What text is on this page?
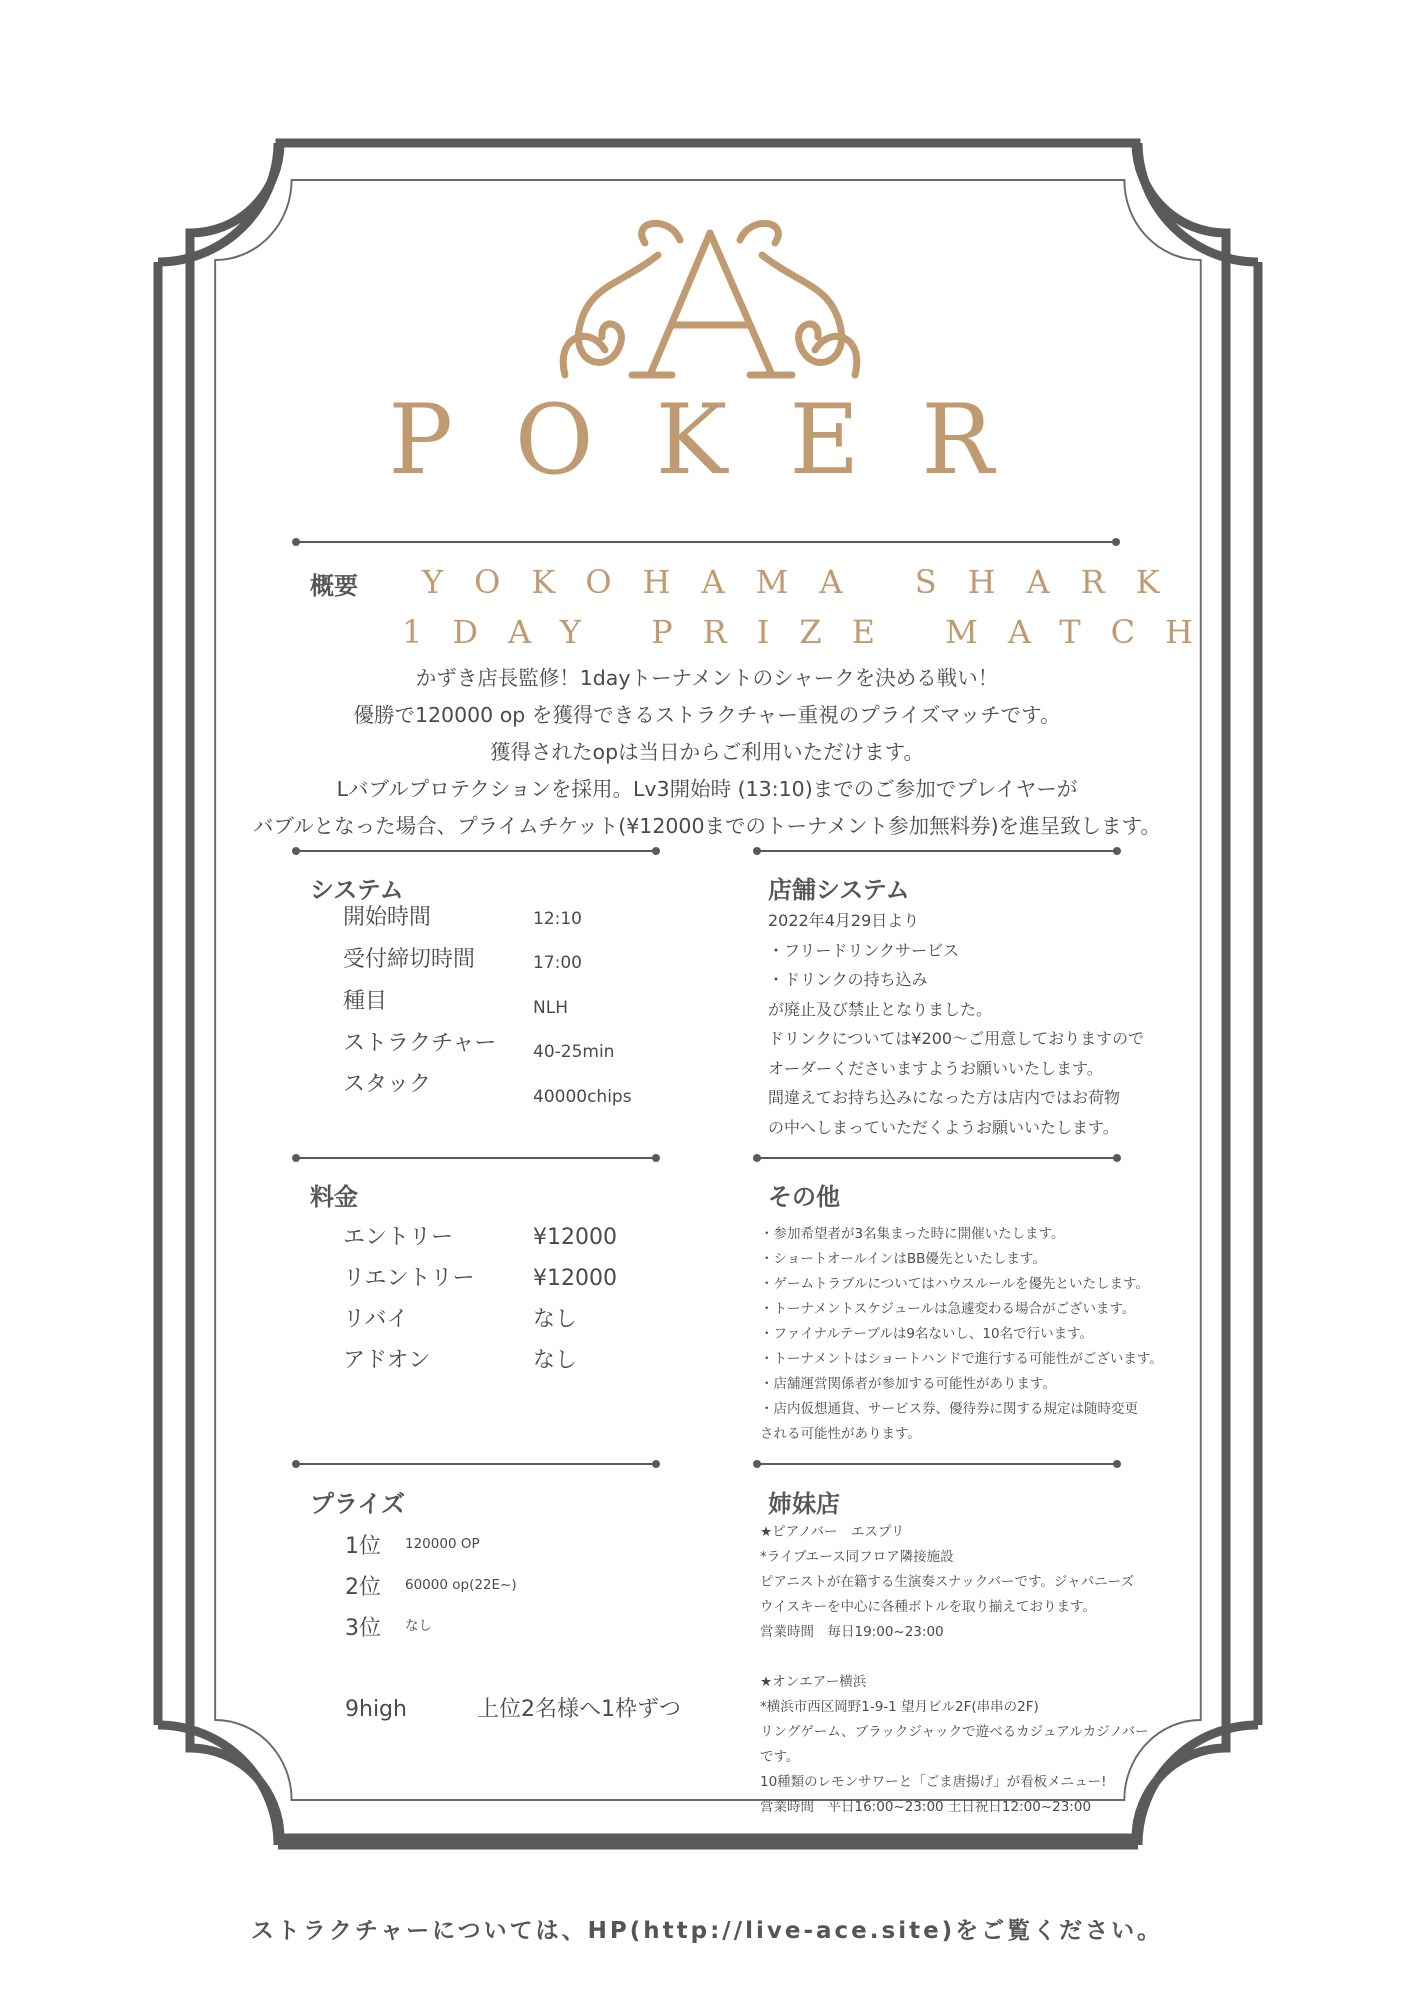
POKER
概要 YOKOHAMA SHARK
1DAY PRIZE MATCH
かずき店長監修！1dayトーナメントのシャークを決める戦い！
優勝で120000 op を獲得できるストラクチャー重視のプライズマッチです。
獲得されたopは当日からご利用いただけます。
Lバブルプロテクションを採用。Lv3開始時 (13:10)までのご参加でプレイヤーが
バブルとなった場合、プライムチケット(¥12000までのトーナメント参加無料券)を進呈致します。
システム
開始時間	12:10
受付締切時間	17:00
種目	NLH
ストラクチャー 40-25min
スタック	40000chips
店舗システム
2022年4月29日より
・フリードリンクサービス
・ドリンクの持ち込み
が廃止及び禁止となりました。
ドリンクについては¥200〜ご用意しておりますので
オーダーくださいますようお願いいたします。
間違えてお持ち込みになった方は店内ではお荷物
の中へしまっていただくようお願いいたします。
料金
エントリー	¥12000
リエントリー	¥12000
リバイ	なし
アドオン	なし
その他
・参加希望者が3名集まった時に開催いたします。
・ショートオールインはBB優先といたします。
・ゲームトラブルについてはハウスルールを優先といたします。
・トーナメントスケジュールは急遽変わる場合がございます。
・ファイナルテーブルは9名ないし、10名で行います。
・トーナメントはショートハンドで進行する可能性がございます。
・店舗運営関係者が参加する可能性があります。
・店内仮想通貨、サービス券、優待券に関する規定は随時変更
される可能性があります。
プライズ
1位 120000 OP
2位 60000 op(22E~)
3位 なし
9high	上位2名様へ1枠ずつ
姉妹店
★ピアノバー　エスプリ
*ライブエース同フロア隣接施設
ピアニストが在籍する生演奏スナックバーです。ジャパニーズ
ウイスキーを中心に各種ボトルを取り揃えております。
営業時間　毎日19:00~23:00
★オンエアー横浜
*横浜市西区岡野1-9-1 望月ビル2F(串串の2F)
リングゲーム、ブラックジャックで遊べるカジュアルカジノバー
です。
10種類のレモンサワーと「ごま唐揚げ」が看板メニュー!
営業時間　平日16:00~23:00 土日祝日12:00~23:00
ストラクチャーについては、HP(http://live-ace.site)をご覧ください。
